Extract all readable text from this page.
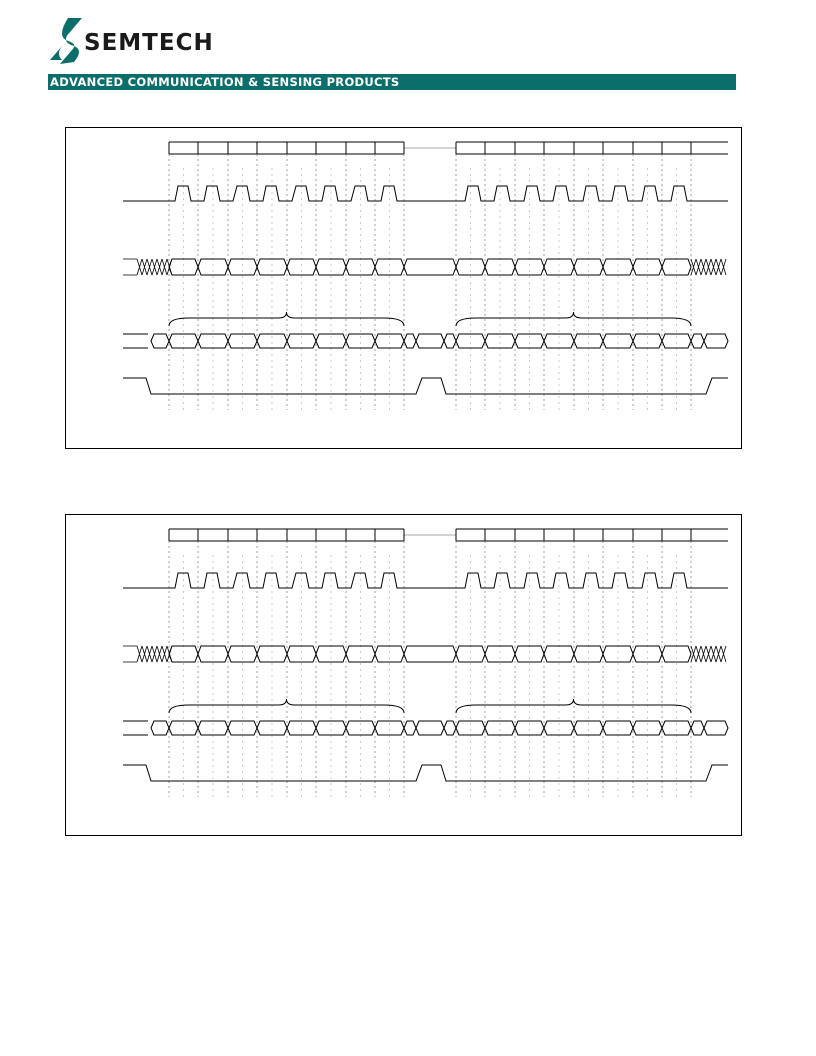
SEMTECH
ADVANCED COMMUNICATION & SENSING PRODUCTS
